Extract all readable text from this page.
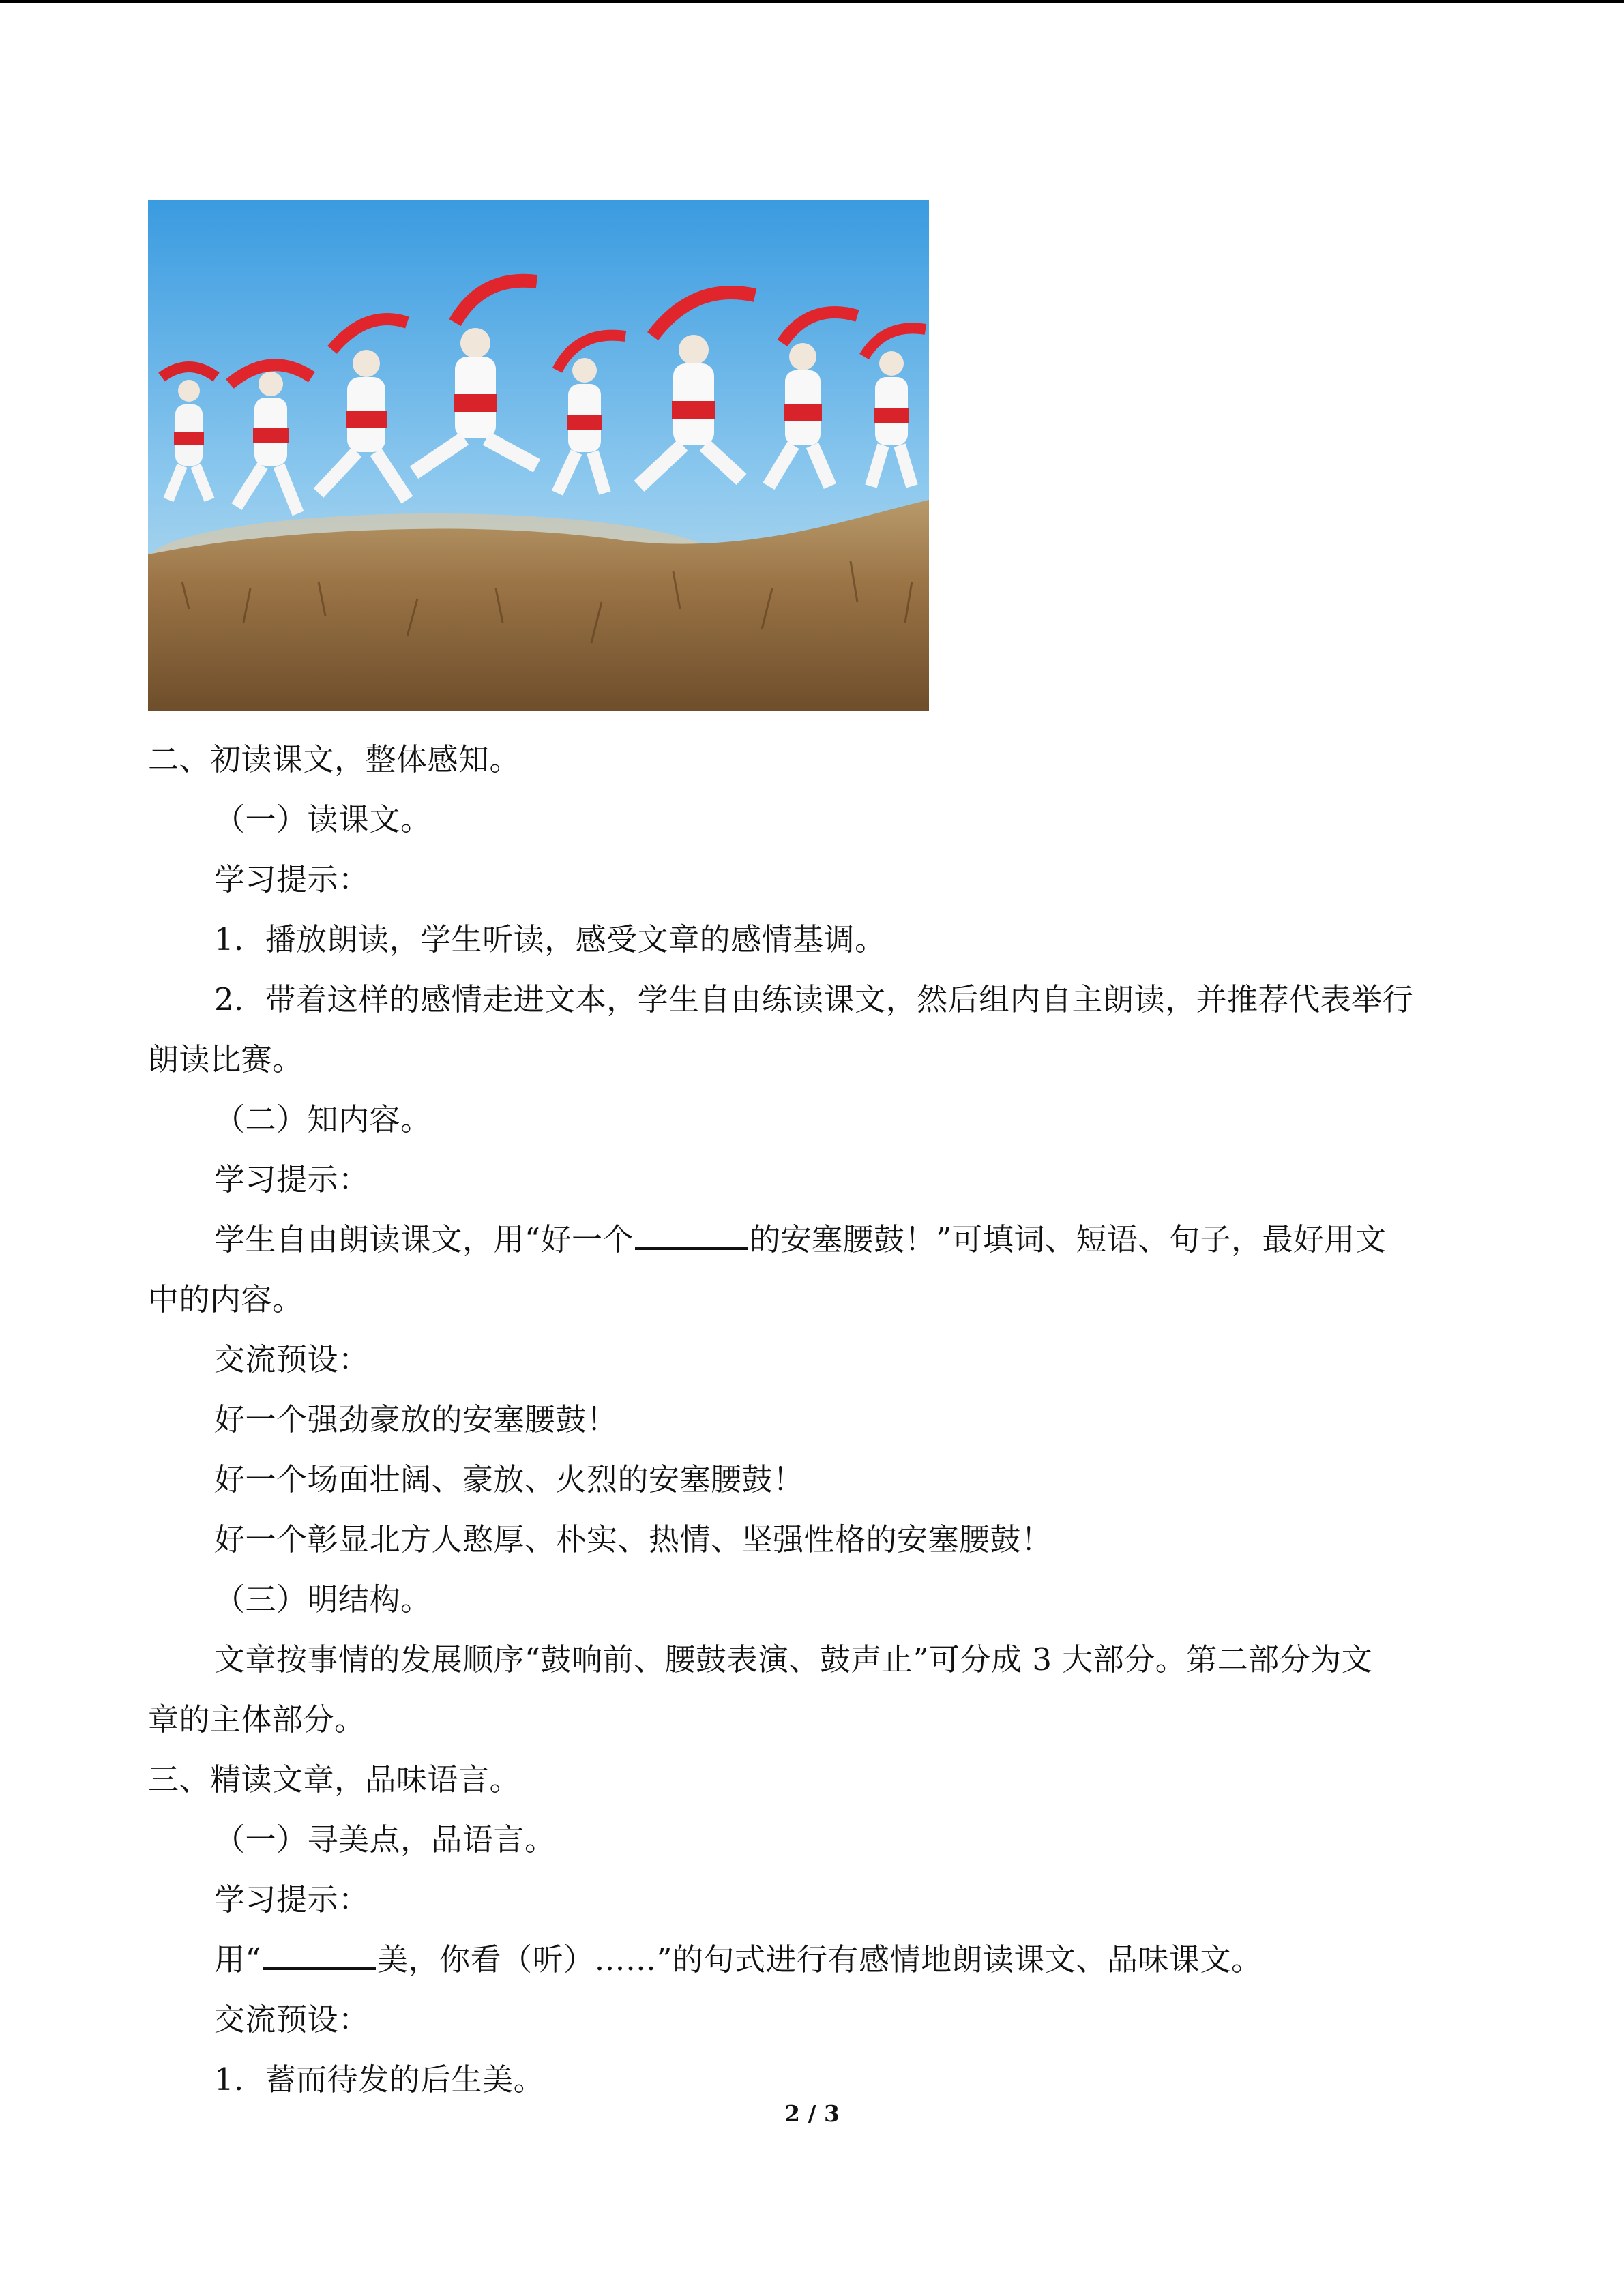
二、初读课文，整体感知。
（一）读课文。
学习提示：
1．播放朗读，学生听读，感受文章的感情基调。
2．带着这样的感情走进文本，学生自由练读课文，然后组内自主朗读，并推荐代表举行
朗读比赛。
（二）知内容。
学习提示：
学生自由朗读课文，用“好一个	的安塞腰鼓！”可填词、短语、句子，最好用文
中的内容。
交流预设：
好一个强劲豪放的安塞腰鼓！
好一个场面壮阔、豪放、火烈的安塞腰鼓！
好一个彰显北方人憨厚、朴实、热情、坚强性格的安塞腰鼓！
（三）明结构。
文章按事情的发展顺序“鼓响前、腰鼓表演、鼓声止”可分成 3 大部分。第二部分为文
章的主体部分。
三、精读文章，品味语言。
（一）寻美点，品语言。
学习提示：
用“	美，你看（听）……”的句式进行有感情地朗读课文、品味课文。
交流预设：
1．蓄而待发的后生美。
2 / 3
